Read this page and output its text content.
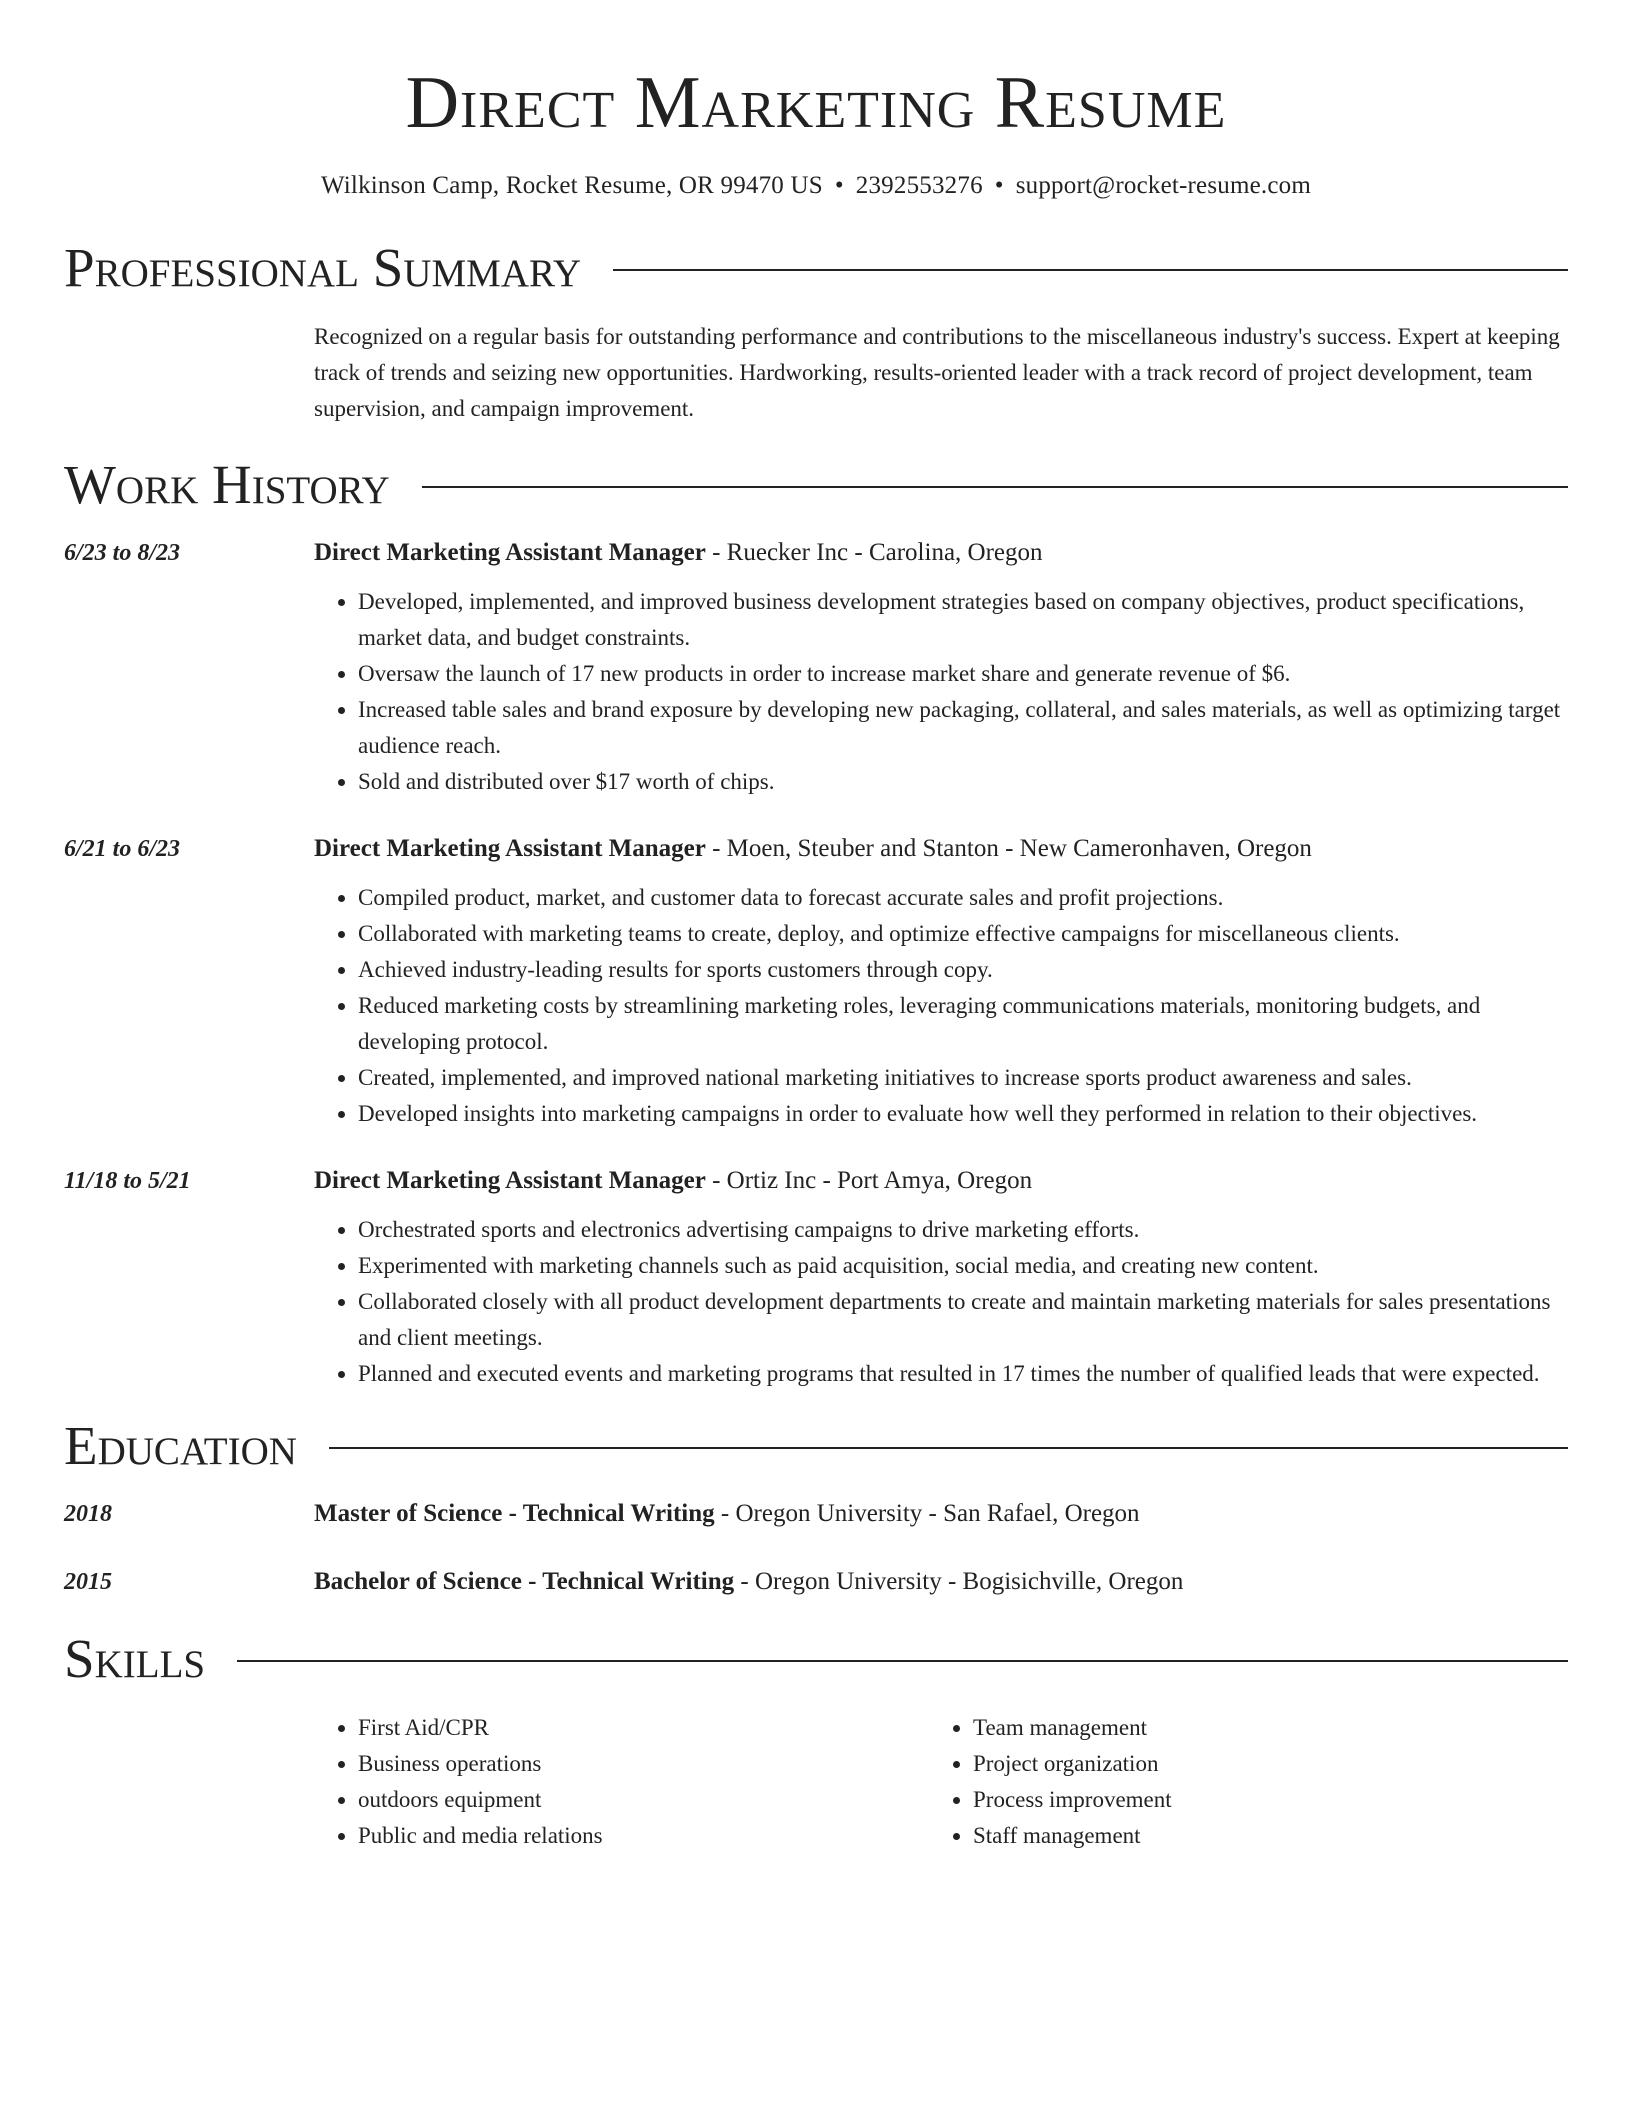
Direct Marketing Resume
Wilkinson Camp, Rocket Resume, OR 99470 US • 2392553276 • support@rocket-resume.com
Professional Summary
Recognized on a regular basis for outstanding performance and contributions to the miscellaneous industry's success. Expert at keeping track of trends and seizing new opportunities. Hardworking, results-oriented leader with a track record of project development, team supervision, and campaign improvement.
Work History
6/23 to 8/23	Direct Marketing Assistant Manager - Ruecker Inc - Carolina, Oregon
• Developed, implemented, and improved business development strategies based on company objectives, product specifications, market data, and budget constraints.
• Oversaw the launch of 17 new products in order to increase market share and generate revenue of $6.
• Increased table sales and brand exposure by developing new packaging, collateral, and sales materials, as well as optimizing target audience reach.
• Sold and distributed over $17 worth of chips.
6/21 to 6/23	Direct Marketing Assistant Manager - Moen, Steuber and Stanton - New Cameronhaven, Oregon
• Compiled product, market, and customer data to forecast accurate sales and profit projections.
• Collaborated with marketing teams to create, deploy, and optimize effective campaigns for miscellaneous clients.
• Achieved industry-leading results for sports customers through copy.
• Reduced marketing costs by streamlining marketing roles, leveraging communications materials, monitoring budgets, and developing protocol.
• Created, implemented, and improved national marketing initiatives to increase sports product awareness and sales.
• Developed insights into marketing campaigns in order to evaluate how well they performed in relation to their objectives.
11/18 to 5/21	Direct Marketing Assistant Manager - Ortiz Inc - Port Amya, Oregon
• Orchestrated sports and electronics advertising campaigns to drive marketing efforts.
• Experimented with marketing channels such as paid acquisition, social media, and creating new content.
• Collaborated closely with all product development departments to create and maintain marketing materials for sales presentations and client meetings.
• Planned and executed events and marketing programs that resulted in 17 times the number of qualified leads that were expected.
Education
2018	Master of Science - Technical Writing - Oregon University - San Rafael, Oregon
2015	Bachelor of Science - Technical Writing - Oregon University - Bogisichville, Oregon
Skills
• First Aid/CPR
• Business operations
• outdoors equipment
• Public and media relations
• Team management
• Project organization
• Process improvement
• Staff management
